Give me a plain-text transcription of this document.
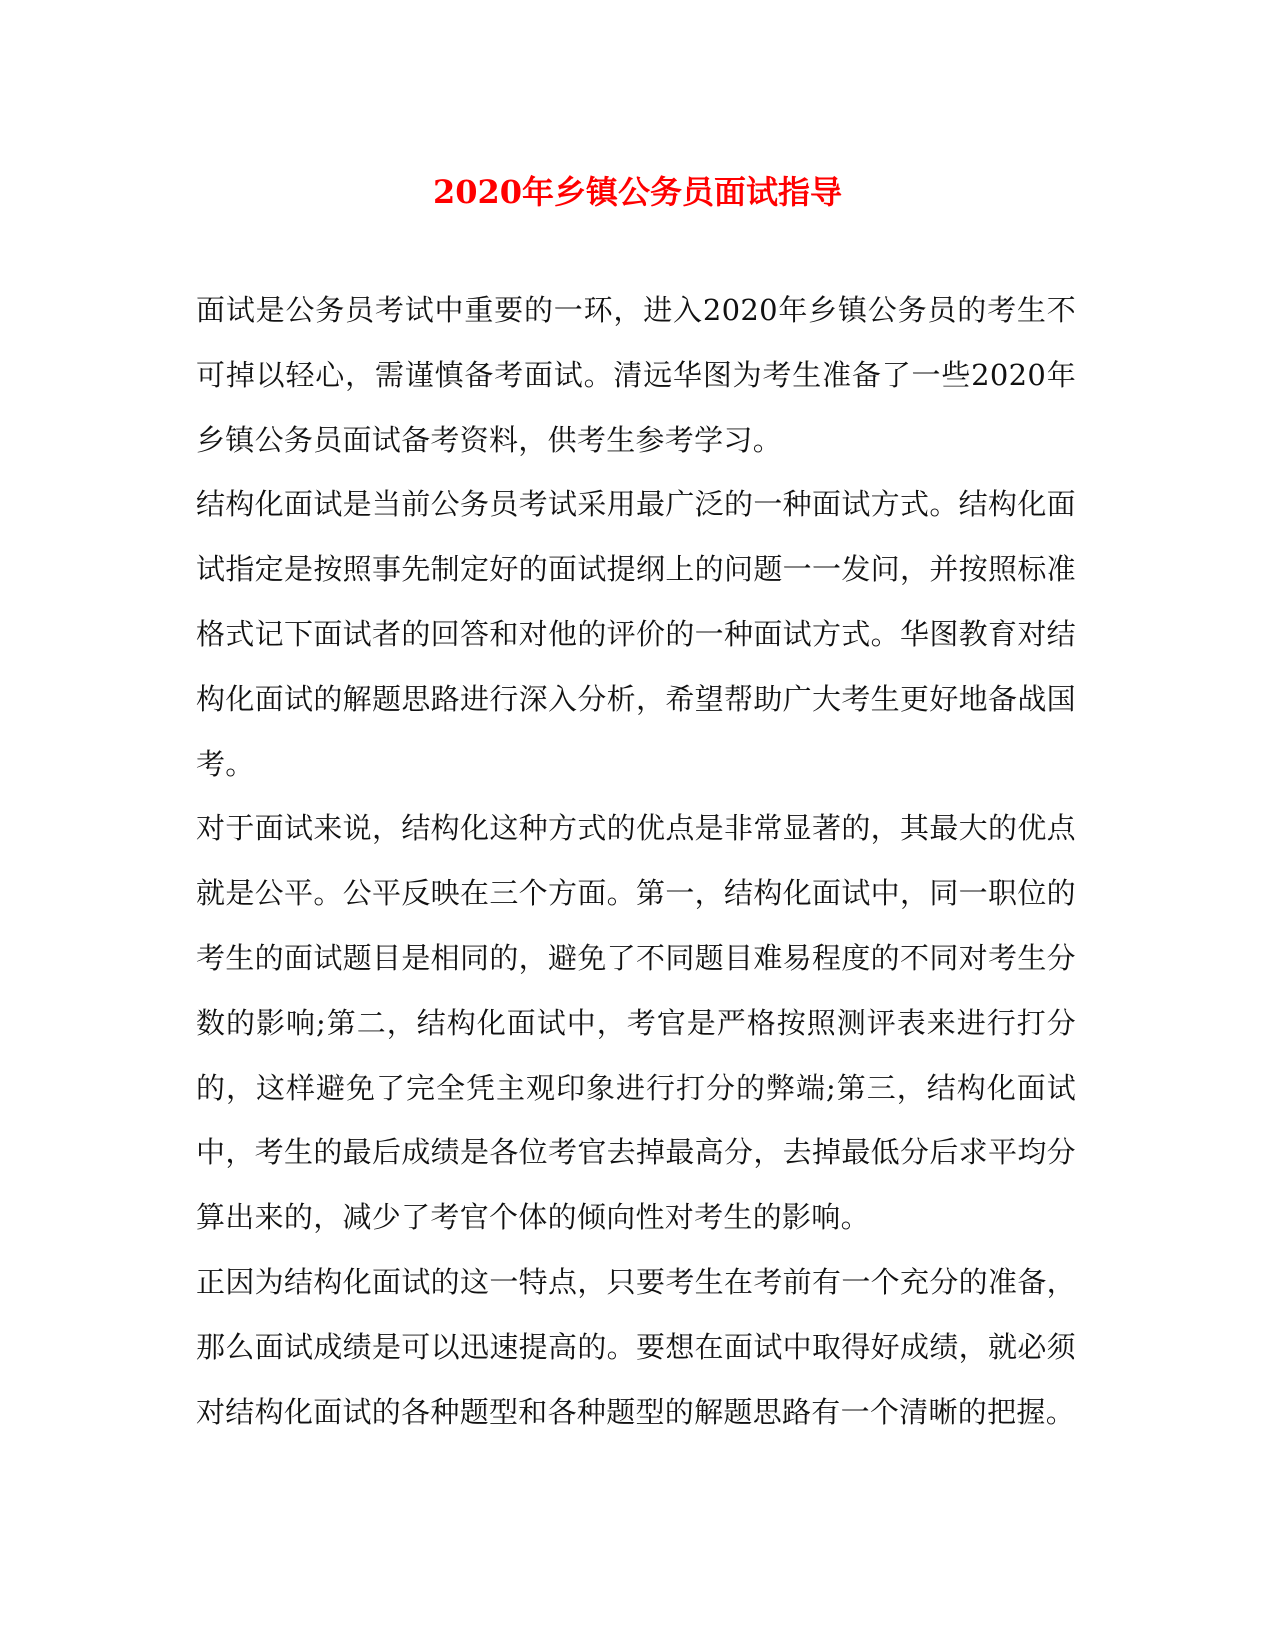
2020年乡镇公务员面试指导

面试是公务员考试中重要的一环，进入2020年乡镇公务员的考生不可掉以轻心，需谨慎备考面试。清远华图为考生准备了一些2020年乡镇公务员面试备考资料，供考生参考学习。

结构化面试是当前公务员考试采用最广泛的一种面试方式。结构化面试指定是按照事先制定好的面试提纲上的问题一一发问，并按照标准格式记下面试者的回答和对他的评价的一种面试方式。华图教育对结构化面试的解题思路进行深入分析，希望帮助广大考生更好地备战国考。

对于面试来说，结构化这种方式的优点是非常显著的，其最大的优点就是公平。公平反映在三个方面。第一，结构化面试中，同一职位的考生的面试题目是相同的，避免了不同题目难易程度的不同对考生分数的影响;第二，结构化面试中，考官是严格按照测评表来进行打分的，这样避免了完全凭主观印象进行打分的弊端;第三，结构化面试中，考生的最后成绩是各位考官去掉最高分，去掉最低分后求平均分算出来的，减少了考官个体的倾向性对考生的影响。

正因为结构化面试的这一特点，只要考生在考前有一个充分的准备，那么面试成绩是可以迅速提高的。要想在面试中取得好成绩，就必须对结构化面试的各种题型和各种题型的解题思路有一个清晰的把握。
